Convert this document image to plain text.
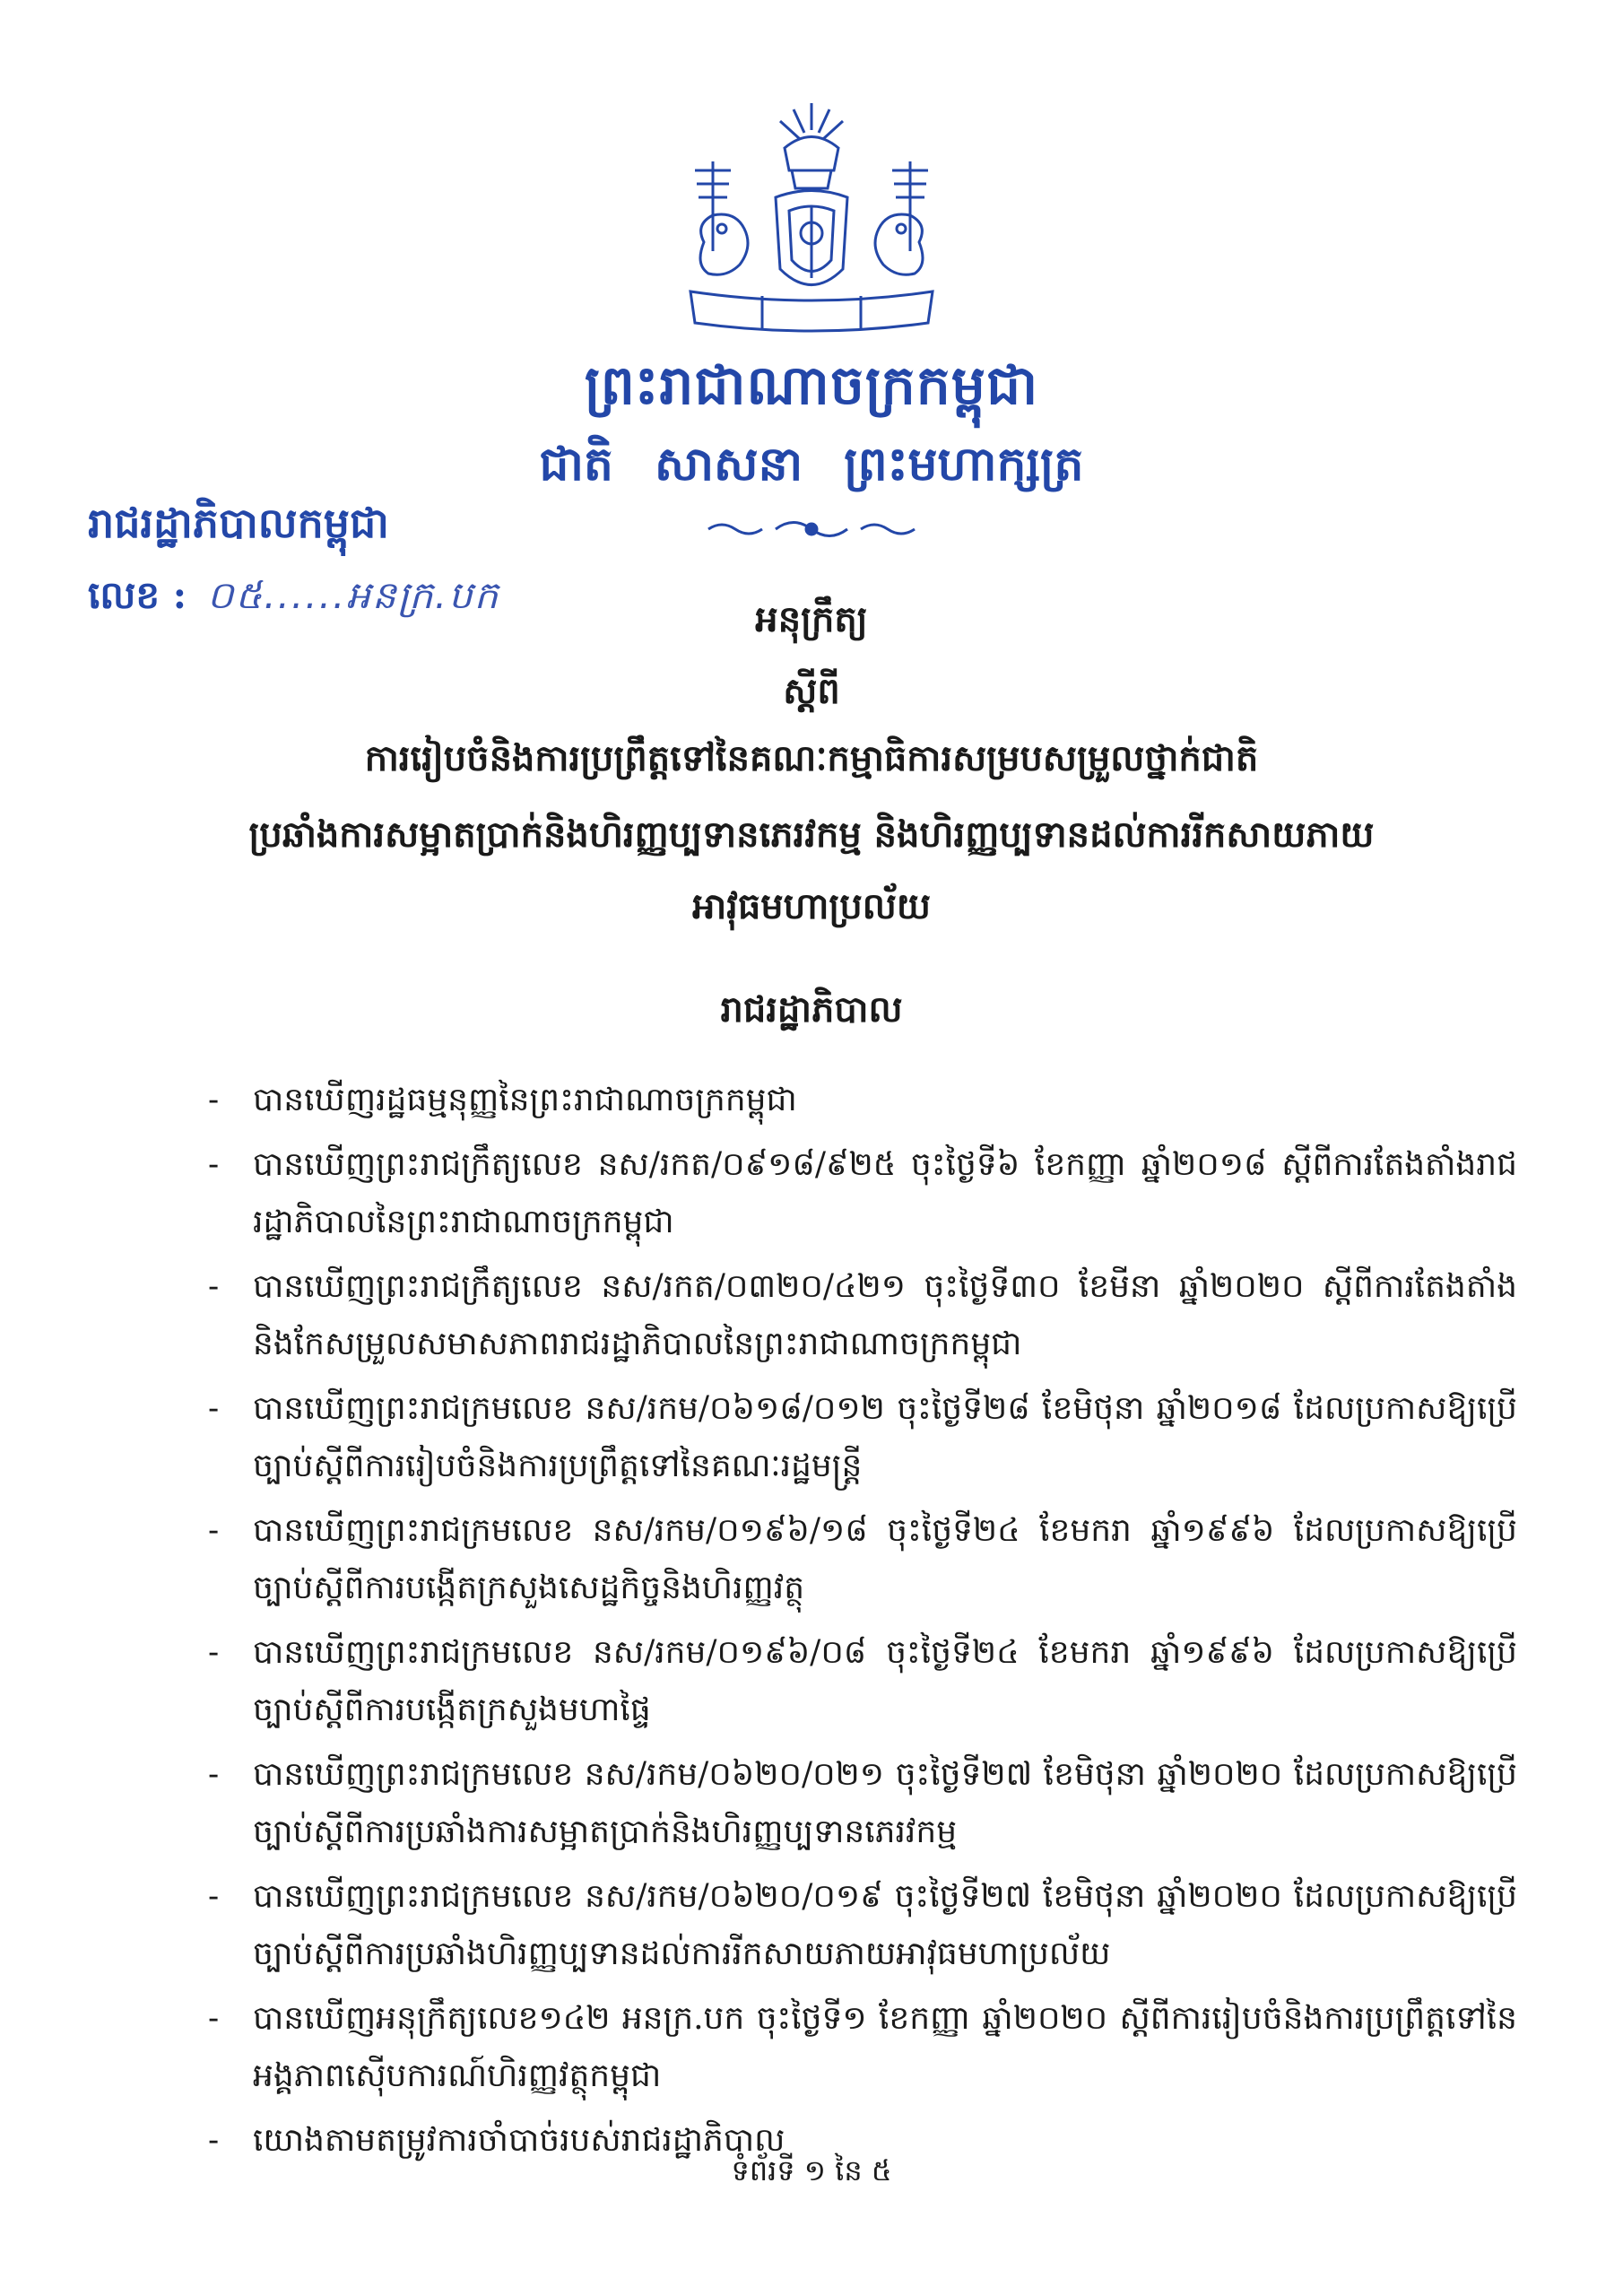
ព្រះរាជាណាចក្រកម្ពុជា
ជាតិ សាសនា ព្រះមហាក្សត្រ
រាជរដ្ឋាភិបាលកម្ពុជា
លេខ : ០៥......អនក្រ.បក
អនុក្រឹត្យ
ស្តីពី
ការរៀបចំនិងការប្រព្រឹត្តទៅនៃគណៈកម្មាធិការសម្របសម្រួលថ្នាក់ជាតិ
ប្រឆាំងការសម្អាតប្រាក់និងហិរញ្ញប្បទានភេរវកម្ម និងហិរញ្ញប្បទានដល់ការរីកសាយភាយ
អាវុធមហាប្រល័យ
រាជរដ្ឋាភិបាល
- បានឃើញរដ្ឋធម្មនុញ្ញនៃព្រះរាជាណាចក្រកម្ពុជា
- បានឃើញព្រះរាជក្រឹត្យលេខ នស/រកត/០៩១៨/៩២៥ ចុះថ្ងៃទី៦ ខែកញ្ញា ឆ្នាំ២០១៨ ស្តីពីការតែងតាំងរាជរដ្ឋាភិបាលនៃព្រះរាជាណាចក្រកម្ពុជា
- បានឃើញព្រះរាជក្រឹត្យលេខ នស/រកត/០៣២០/៤២១ ចុះថ្ងៃទី៣០ ខែមីនា ឆ្នាំ២០២០ ស្តីពីការតែងតាំង និងកែសម្រួលសមាសភាពរាជរដ្ឋាភិបាលនៃព្រះរាជាណាចក្រកម្ពុជា
- បានឃើញព្រះរាជក្រមលេខ នស/រកម/០៦១៨/០១២ ចុះថ្ងៃទី២៨ ខែមិថុនា ឆ្នាំ២០១៨ ដែលប្រកាសឱ្យប្រើច្បាប់ស្តីពីការរៀបចំនិងការប្រព្រឹត្តទៅនៃគណៈរដ្ឋមន្ត្រី
- បានឃើញព្រះរាជក្រមលេខ នស/រកម/០១៩៦/១៨ ចុះថ្ងៃទី២៤ ខែមករា ឆ្នាំ១៩៩៦ ដែលប្រកាសឱ្យប្រើច្បាប់ស្តីពីការបង្កើតក្រសួងសេដ្ឋកិច្ចនិងហិរញ្ញវត្ថុ
- បានឃើញព្រះរាជក្រមលេខ នស/រកម/០១៩៦/០៨ ចុះថ្ងៃទី២៤ ខែមករា ឆ្នាំ១៩៩៦ ដែលប្រកាសឱ្យប្រើច្បាប់ស្តីពីការបង្កើតក្រសួងមហាផ្ទៃ
- បានឃើញព្រះរាជក្រមលេខ នស/រកម/០៦២០/០២១ ចុះថ្ងៃទី២៧ ខែមិថុនា ឆ្នាំ២០២០ ដែលប្រកាសឱ្យប្រើច្បាប់ស្តីពីការប្រឆាំងការសម្អាតប្រាក់និងហិរញ្ញប្បទានភេរវកម្ម
- បានឃើញព្រះរាជក្រមលេខ នស/រកម/០៦២០/០១៩ ចុះថ្ងៃទី២៧ ខែមិថុនា ឆ្នាំ២០២០ ដែលប្រកាសឱ្យប្រើច្បាប់ស្តីពីការប្រឆាំងហិរញ្ញប្បទានដល់ការរីកសាយភាយអាវុធមហាប្រល័យ
- បានឃើញអនុក្រឹត្យលេខ១៤២ អនក្រ.បក ចុះថ្ងៃទី១ ខែកញ្ញា ឆ្នាំ២០២០ ស្តីពីការរៀបចំនិងការប្រព្រឹត្តទៅនៃអង្គភាពស៊ើបការណ៍ហិរញ្ញវត្ថុកម្ពុជា
- យោងតាមតម្រូវការចាំបាច់របស់រាជរដ្ឋាភិបាល
ទំព័រទី ១ នៃ ៥
